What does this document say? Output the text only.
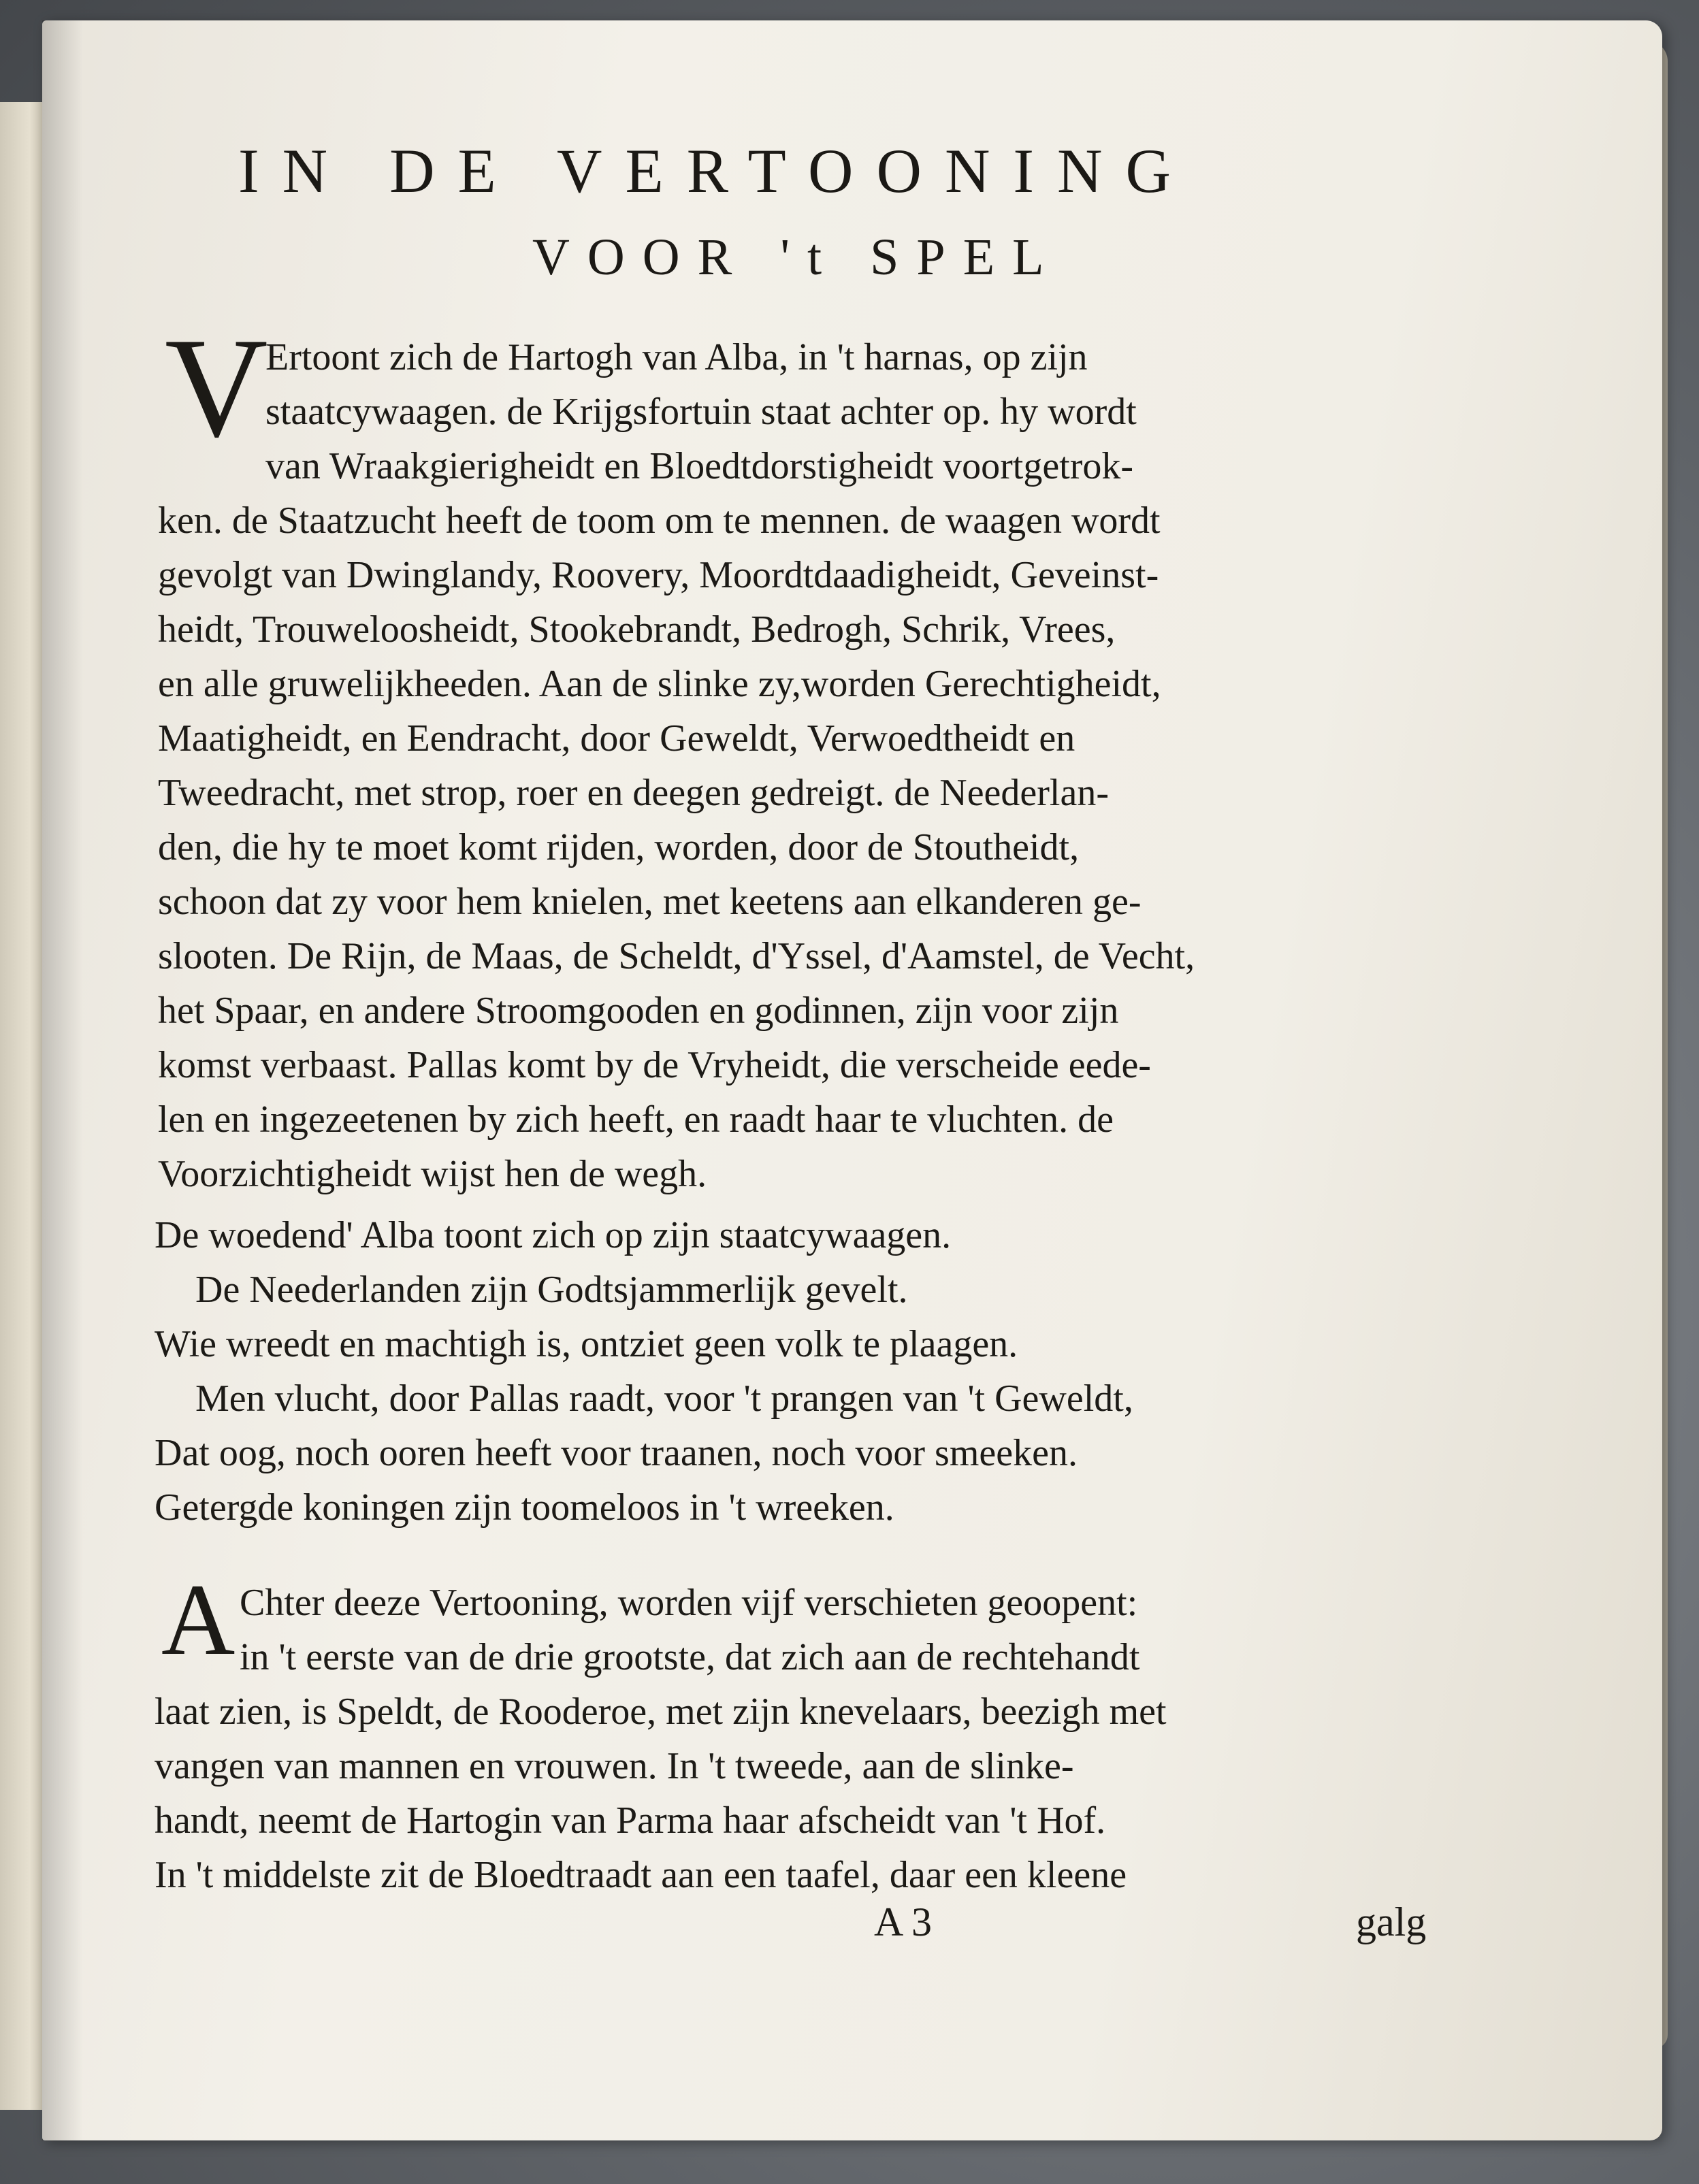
IN DE VERTOONING
VOOR 't SPEL
V
Ertoont zich de Hartogh van Alba, in 't harnas, op zijn
staatcywaagen. de Krijgsfortuin staat achter op. hy wordt
van Wraakgierigheidt en Bloedtdorstigheidt voortgetrok-
ken. de Staatzucht heeft de toom om te mennen. de waagen wordt
gevolgt van Dwinglandy, Roovery, Moordtdaadigheidt, Geveinst-
heidt, Trouweloosheidt, Stookebrandt, Bedrogh, Schrik, Vrees,
en alle gruwelijkheeden. Aan de slinke zy,worden Gerechtigheidt,
Maatigheidt, en Eendracht, door Geweldt, Verwoedtheidt en
Tweedracht, met strop, roer en deegen gedreigt. de Neederlan-
den, die hy te moet komt rijden, worden, door de Stoutheidt,
schoon dat zy voor hem knielen, met keetens aan elkanderen ge-
slooten. De Rijn, de Maas, de Scheldt, d'Yssel, d'Aamstel, de Vecht,
het Spaar, en andere Stroomgooden en godinnen, zijn voor zijn
komst verbaast. Pallas komt by de Vryheidt, die verscheide eede-
len en ingezeetenen by zich heeft, en raadt haar te vluchten. de
Voorzichtigheidt wijst hen de wegh.
De woedend' Alba toont zich op zijn staatcywaagen.
De Neederlanden zijn Godtsjammerlijk gevelt.
Wie wreedt en machtigh is, ontziet geen volk te plaagen.
Men vlucht, door Pallas raadt, voor 't prangen van 't Geweldt,
Dat oog, noch ooren heeft voor traanen, noch voor smeeken.
Getergde koningen zijn toomeloos in 't wreeken.
A Chter deeze Vertooning, worden vijf verschieten geoopent:
in 't eerste van de drie grootste, dat zich aan de rechtehandt
laat zien, is Speldt, de Rooderoe, met zijn knevelaars, beezigh met
vangen van mannen en vrouwen. In 't tweede, aan de slinke-
handt, neemt de Hartogin van Parma haar afscheidt van 't Hof.
In 't middelste zit de Bloedtraadt aan een taafel, daar een kleene
A 3	galg
